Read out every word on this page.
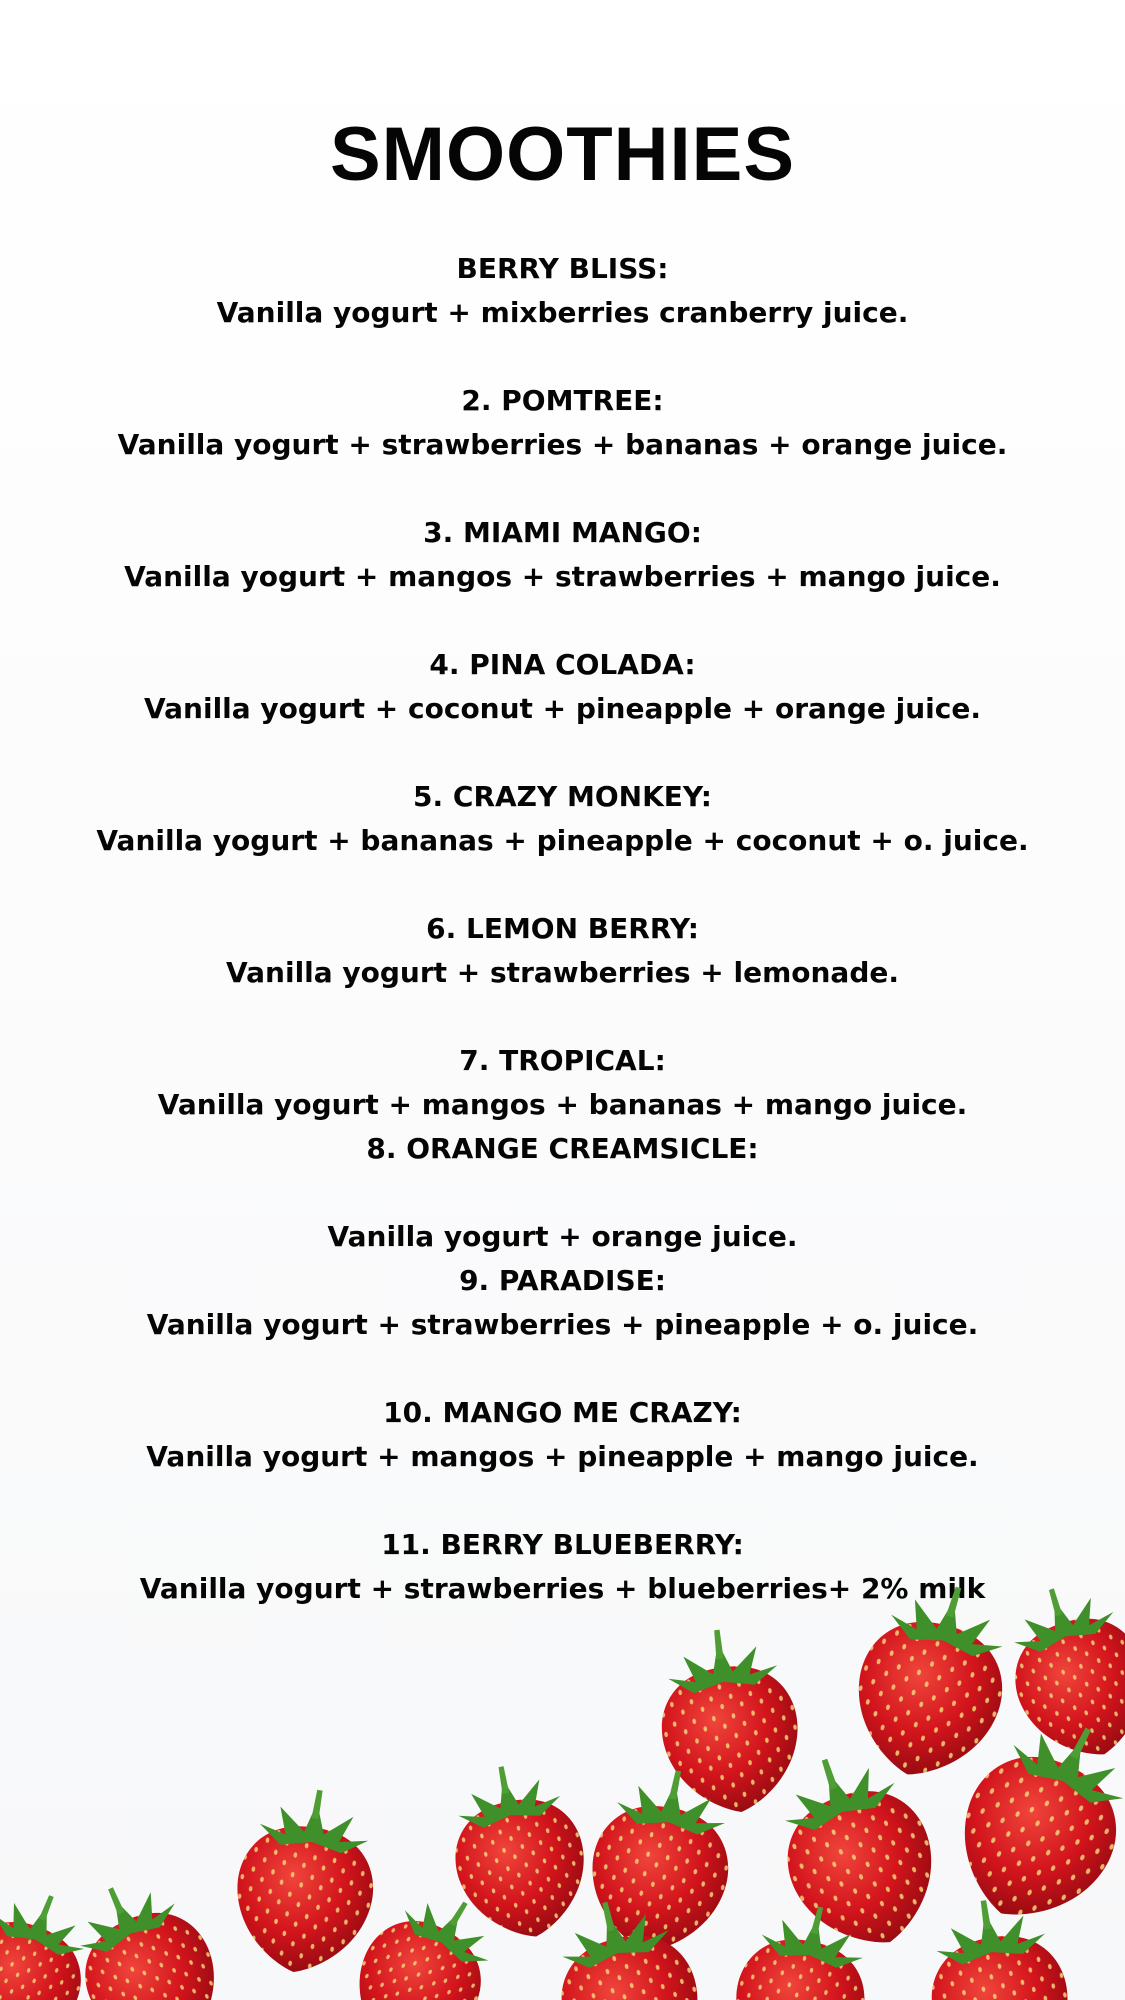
SMOOTHIES
BERRY BLISS:
Vanilla yogurt + mixberries cranberry juice.
2. POMTREE:
Vanilla yogurt + strawberries + bananas + orange juice.
3. MIAMI MANGO:
Vanilla yogurt + mangos + strawberries + mango juice.
4. PINA COLADA:
Vanilla yogurt + coconut + pineapple + orange juice.
5. CRAZY MONKEY:
Vanilla yogurt + bananas + pineapple + coconut + o. juice.
6. LEMON BERRY:
Vanilla yogurt + strawberries + lemonade.
7. TROPICAL:
Vanilla yogurt + mangos + bananas + mango juice.
8. ORANGE CREAMSICLE:
Vanilla yogurt + orange juice.
9. PARADISE:
Vanilla yogurt + strawberries + pineapple + o. juice.
10. MANGO ME CRAZY:
Vanilla yogurt + mangos + pineapple + mango juice.
11. BERRY BLUEBERRY:
Vanilla yogurt + strawberries + blueberries+ 2% milk
